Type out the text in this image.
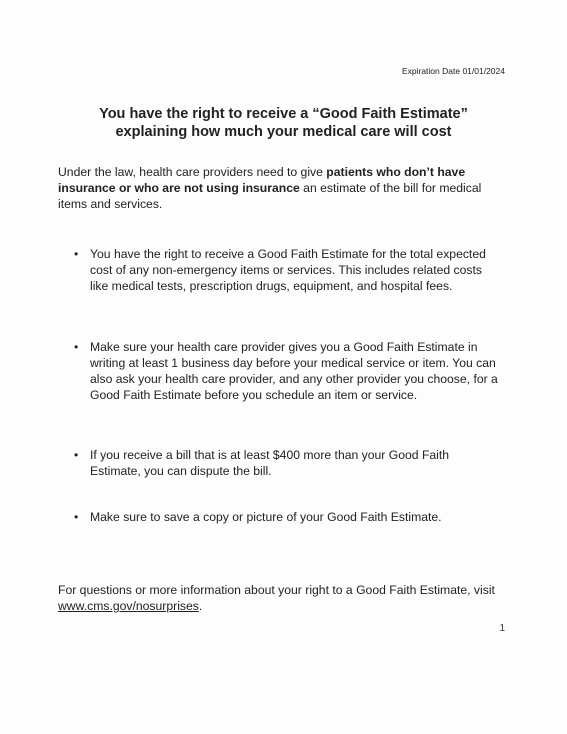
Expiration Date 01/01/2024
You have the right to receive a “Good Faith Estimate”
explaining how much your medical care will cost

Under the law, health care providers need to give patients who don’t have insurance or who are not using insurance an estimate of the bill for medical items and services.

• You have the right to receive a Good Faith Estimate for the total expected cost of any non-emergency items or services. This includes related costs like medical tests, prescription drugs, equipment, and hospital fees.
• Make sure your health care provider gives you a Good Faith Estimate in writing at least 1 business day before your medical service or item. You can also ask your health care provider, and any other provider you choose, for a Good Faith Estimate before you schedule an item or service.
• If you receive a bill that is at least $400 more than your Good Faith Estimate, you can dispute the bill.
• Make sure to save a copy or picture of your Good Faith Estimate.

For questions or more information about your right to a Good Faith Estimate, visit www.cms.gov/nosurprises.

1
